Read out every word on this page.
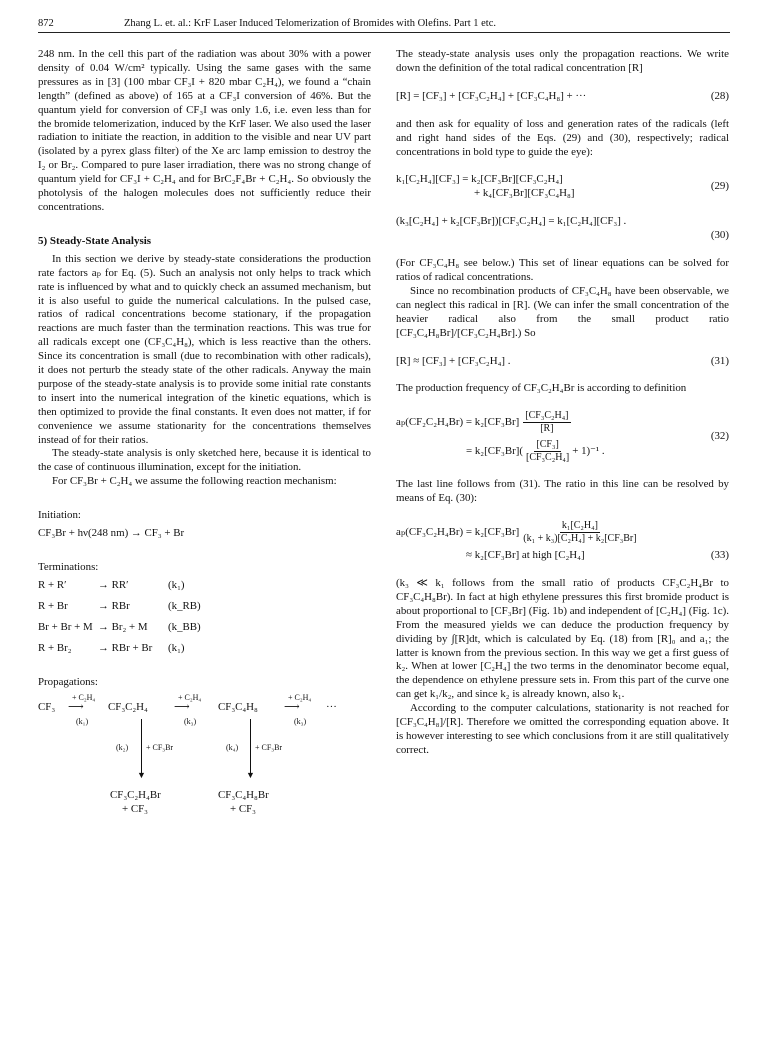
872	Zhang L. et. al.: KrF Laser Induced Telomerization of Bromides with Olefins. Part 1 etc.

248 nm. In the cell this part of the radiation was about 30% with a power density of 0.04 W/cm² typically. Using the same gases with the same pressures as in [3] (100 mbar CF₃I + 820 mbar C₂H₄), we found a “chain length” (defined as above) of 165 at a CF₃I conversion of 46%. But the quantum yield for conversion of CF₃I was only 1.6, i.e. even less than for the bromide telomerization, induced by the KrF laser. We also used the laser radiation to initiate the reaction, in addition to the visible and near UV part (isolated by a pyrex glass filter) of the Xe arc lamp emission to destroy the I₂ or Br₂. Compared to pure laser irradiation, there was no strong change of quantum yield for CF₃I + C₂H₄ and for BrC₂F₄Br + C₂H₄. So obviously the photolysis of the halogen molecules does not sufficiently reduce their concentrations.

5) Steady-State Analysis

In this section we derive by steady-state considerations the production rate factors aₚ for Eq. (5). Such an analysis not only helps to track which rate is influenced by what and to quickly check an assumed mechanism, but it is also useful to guide the numerical calculations. In the pulsed case, ratios of radical concentrations become stationary, if the propagation reactions are much faster than the termination reactions. This was true for all radicals except one (CF₃C₄H₈), which is less reactive than the others. Since its concentration is small (due to recombination with other radicals), it does not perturb the steady state of the other radicals. Anyway the main purpose of the steady-state analysis is to provide some initial rate constants to insert into the numerical integration of the kinetic equations, which is then optimized to provide the final constants. It even does not matter, if for convenience we assume stationarity for the concentrations themselves instead of for their ratios.

The steady-state analysis is only sketched here, because it is identical to the case of continuous illumination, except for the initiation.

For CF₃Br + C₂H₄ we assume the following reaction mechanism:

Initiation:
CF₃Br + hν(248 nm) → CF₃ + Br
Terminations:
R + R′	→ RR′	(k₁)
R + Br	→ RBr	(k_RB)
Br + Br + M → Br₂ + M	(k_BB)
R + Br₂	→ RBr + Br	(k₁)
Propagations:
+ C₂H₄	+ C₂H₄	+ C₂H₄
CF₃ ⟶ CF₃C₂H₄ ⟶	CF₃C₄H₈ ⟶ ···
(k₁)	(k₃)	(k₃)
▼
(k₂) + CF₃Br
▼
(k₄) + CF₃Br
CF₃C₂H₄Br
+ CF₃
CF₃C₄H₈Br
+ CF₃

The steady-state analysis uses only the propagation reactions. We write down the definition of the total radical concentration [R]

[R] = [CF₃] + [CF₃C₂H₄] + [CF₃C₄H₈] + ···	(28)

and then ask for equality of loss and generation rates of the radicals (left and right hand sides of the Eqs. (29) and (30), respectively; radical concentrations in bold type to guide the eye):

k₁[C₂H₄][CF₃] = k₂[CF₃Br][CF₃C₂H₄]
+ k₄[CF₃Br][CF₃C₄H₈]
(29)
(k₃[C₂H₄] + k₂[CF₃Br])[CF₃C₂H₄] = k₁[C₂H₄][CF₃] .
(30)

(For CF₃C₄H₈ see below.) This set of linear equations can be solved for ratios of radical concentrations.

Since no recombination products of CF₃C₄H₈ have been observable, we can neglect this radical in [R]. (We can infer the small concentration of the heavier radical also from the small product ratio [CF₃C₄H₈Br]/[CF₃C₂H₄Br].) So

[R] ≈ [CF₃] + [CF₃C₂H₄] .	(31)

The production frequency of CF₃C₂H₄Br is according to definition

aₚ(CF₂C₂H₄Br) = k₂[CF₃Br]
[CF₃C₂H₄]
[R]
= k₂[CF₃Br](
[CF₃]
[CF₃C₂H₄]
+ 1)⁻¹ .
(32)

The last line follows from (31). The ratio in this line can be resolved by means of Eq. (30):

aₚ(CF₃C₂H₄Br) = k₂[CF₃Br]
k₁[C₂H₄]
(k₁ + k₃)[C₂H₄] + k₂[CF₃Br]
≈ k₂[CF₃Br] at high [C₂H₄]	(33)

(k₃ ≪ k₁ follows from the small ratio of products CF₃C₂H₄Br to CF₃C₄H₈Br). In fact at high ethylene pressures this first bromide product is about proportional to [CF₃Br] (Fig. 1b) and independent of [C₂H₄] (Fig. 1c). From the measured yields we can deduce the production frequency by dividing by ∫[R]dt, which is calculated by Eq. (18) from [R]₀ and a₁; the latter is known from the previous section. In this way we get a first guess of k₂. When at lower [C₂H₄] the two terms in the denominator become equal, the dependence on ethylene pressure sets in. From this part of the curve one can get k₁/k₂, and since k₂ is already known, also k₁.

According to the computer calculations, stationarity is not reached for [CF₃C₄H₈]/[R]. Therefore we omitted the corresponding equation above. It is however interesting to see which conclusions from it are still qualitatively correct.
